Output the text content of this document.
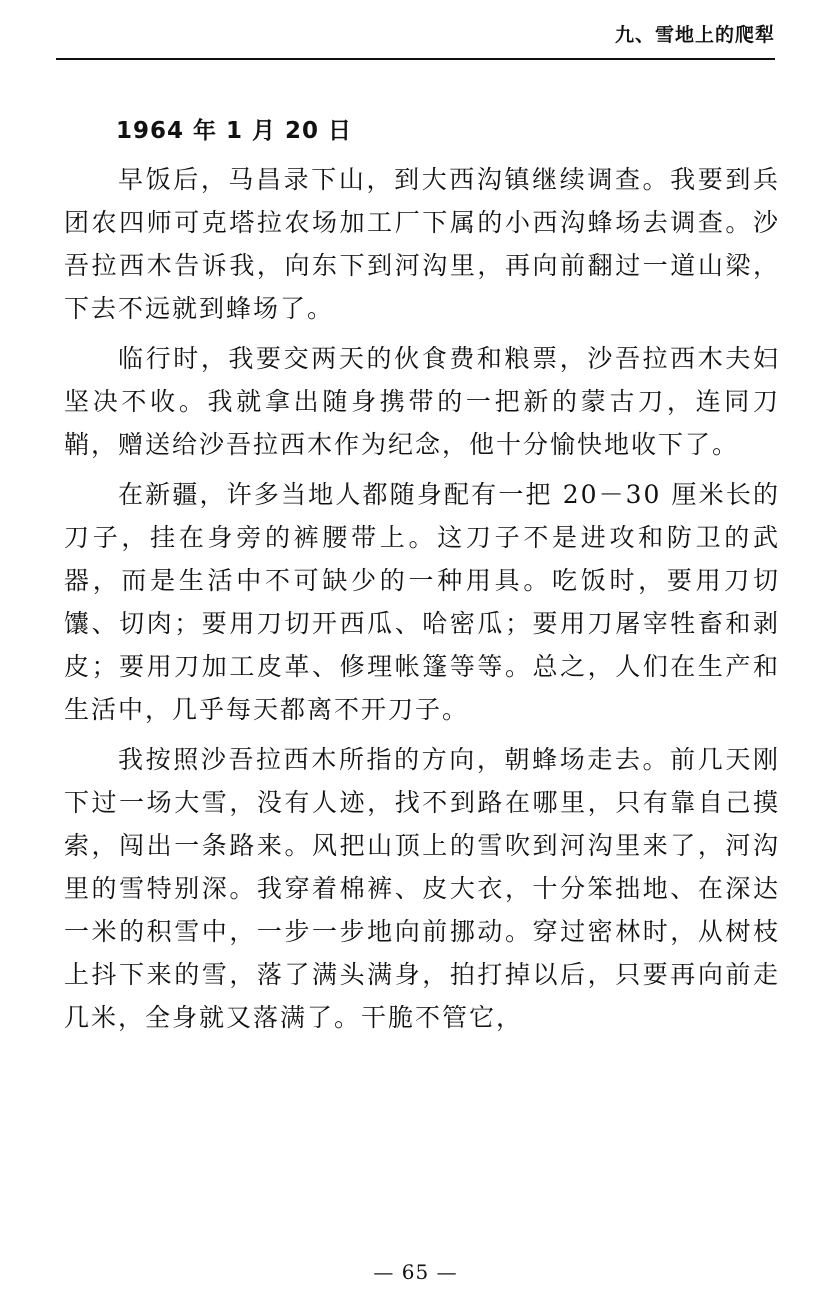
九、雪地上的爬犁
1964 年 1 月 20 日

早饭后，马昌录下山，到大西沟镇继续调查。我要到兵团农四师可克塔拉农场加工厂下属的小西沟蜂场去调查。沙吾拉西木告诉我，向东下到河沟里，再向前翻过一道山梁，下去不远就到蜂场了。

临行时，我要交两天的伙食费和粮票，沙吾拉西木夫妇坚决不收。我就拿出随身携带的一把新的蒙古刀，连同刀鞘，赠送给沙吾拉西木作为纪念，他十分愉快地收下了。

在新疆，许多当地人都随身配有一把 20－30 厘米长的刀子，挂在身旁的裤腰带上。这刀子不是进攻和防卫的武器，而是生活中不可缺少的一种用具。吃饭时，要用刀切馕、切肉；要用刀切开西瓜、哈密瓜；要用刀屠宰牲畜和剥皮；要用刀加工皮革、修理帐篷等等。总之，人们在生产和生活中，几乎每天都离不开刀子。

我按照沙吾拉西木所指的方向，朝蜂场走去。前几天刚下过一场大雪，没有人迹，找不到路在哪里，只有靠自己摸索，闯出一条路来。风把山顶上的雪吹到河沟里来了，河沟里的雪特别深。我穿着棉裤、皮大衣，十分笨拙地、在深达一米的积雪中，一步一步地向前挪动。穿过密林时，从树枝上抖下来的雪，落了满头满身，拍打掉以后，只要再向前走几米，全身就又落满了。干脆不管它，

— 65 —
